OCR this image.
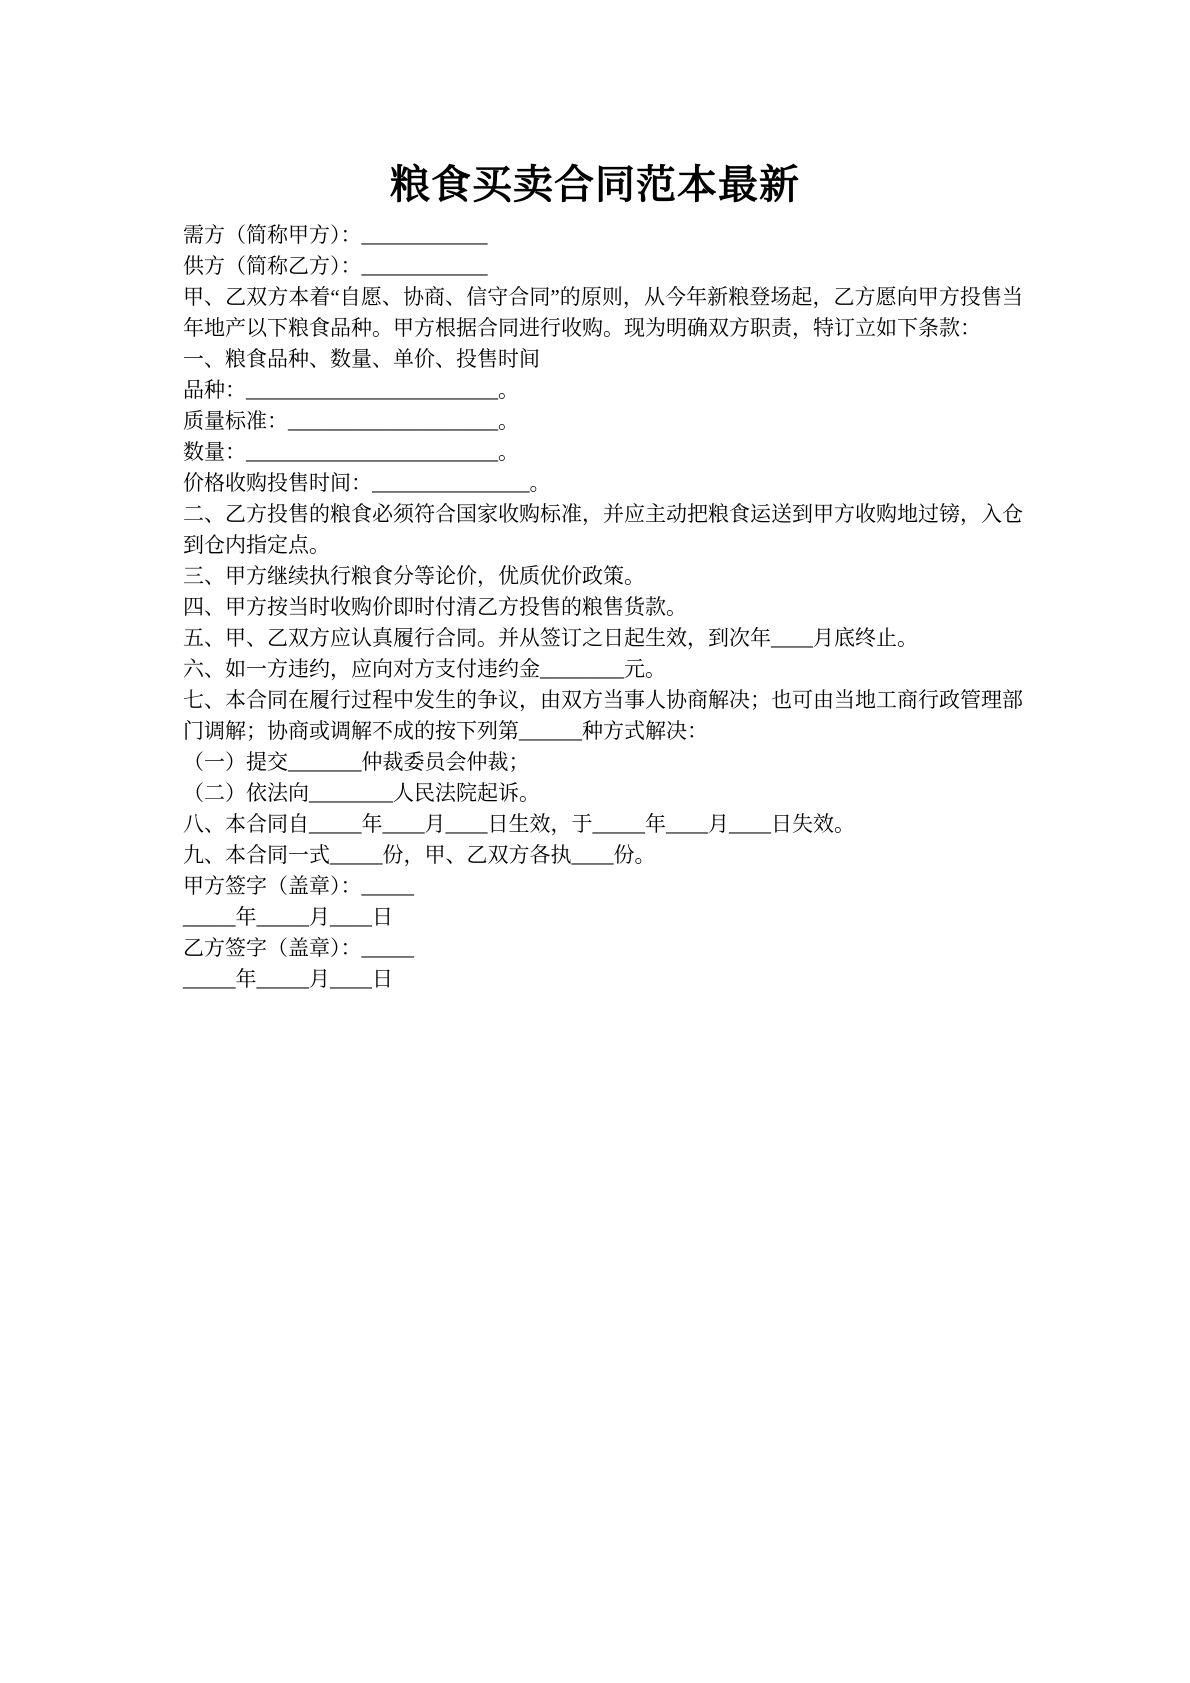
粮食买卖合同范本最新

需方（简称甲方）：____________

供方（简称乙方）：____________

甲、乙双方本着“自愿、协商、信守合同”的原则，从今年新粮登场起，乙方愿向甲方投售当年地产以下粮食品种。甲方根据合同进行收购。现为明确双方职责，特订立如下条款：

一、粮食品种、数量、单价、投售时间

品种：________________________。

质量标准：____________________。

数量：________________________。

价格收购投售时间：_______________。

二、乙方投售的粮食必须符合国家收购标准，并应主动把粮食运送到甲方收购地过镑，入仓到仓内指定点。

三、甲方继续执行粮食分等论价，优质优价政策。

四、甲方按当时收购价即时付清乙方投售的粮售货款。

五、甲、乙双方应认真履行合同。并从签订之日起生效，到次年____月底终止。

六、如一方违约，应向对方支付违约金________元。

七、本合同在履行过程中发生的争议，由双方当事人协商解决；也可由当地工商行政管理部门调解；协商或调解不成的按下列第______种方式解决：

（一）提交_______仲裁委员会仲裁；

（二）依法向________人民法院起诉。

八、本合同自_____年____月____日生效，于_____年____月____日失效。

九、本合同一式_____份，甲、乙双方各执____份。

甲方签字（盖章）：_____

_____年_____月____日

乙方签字（盖章）：_____

_____年_____月____日
